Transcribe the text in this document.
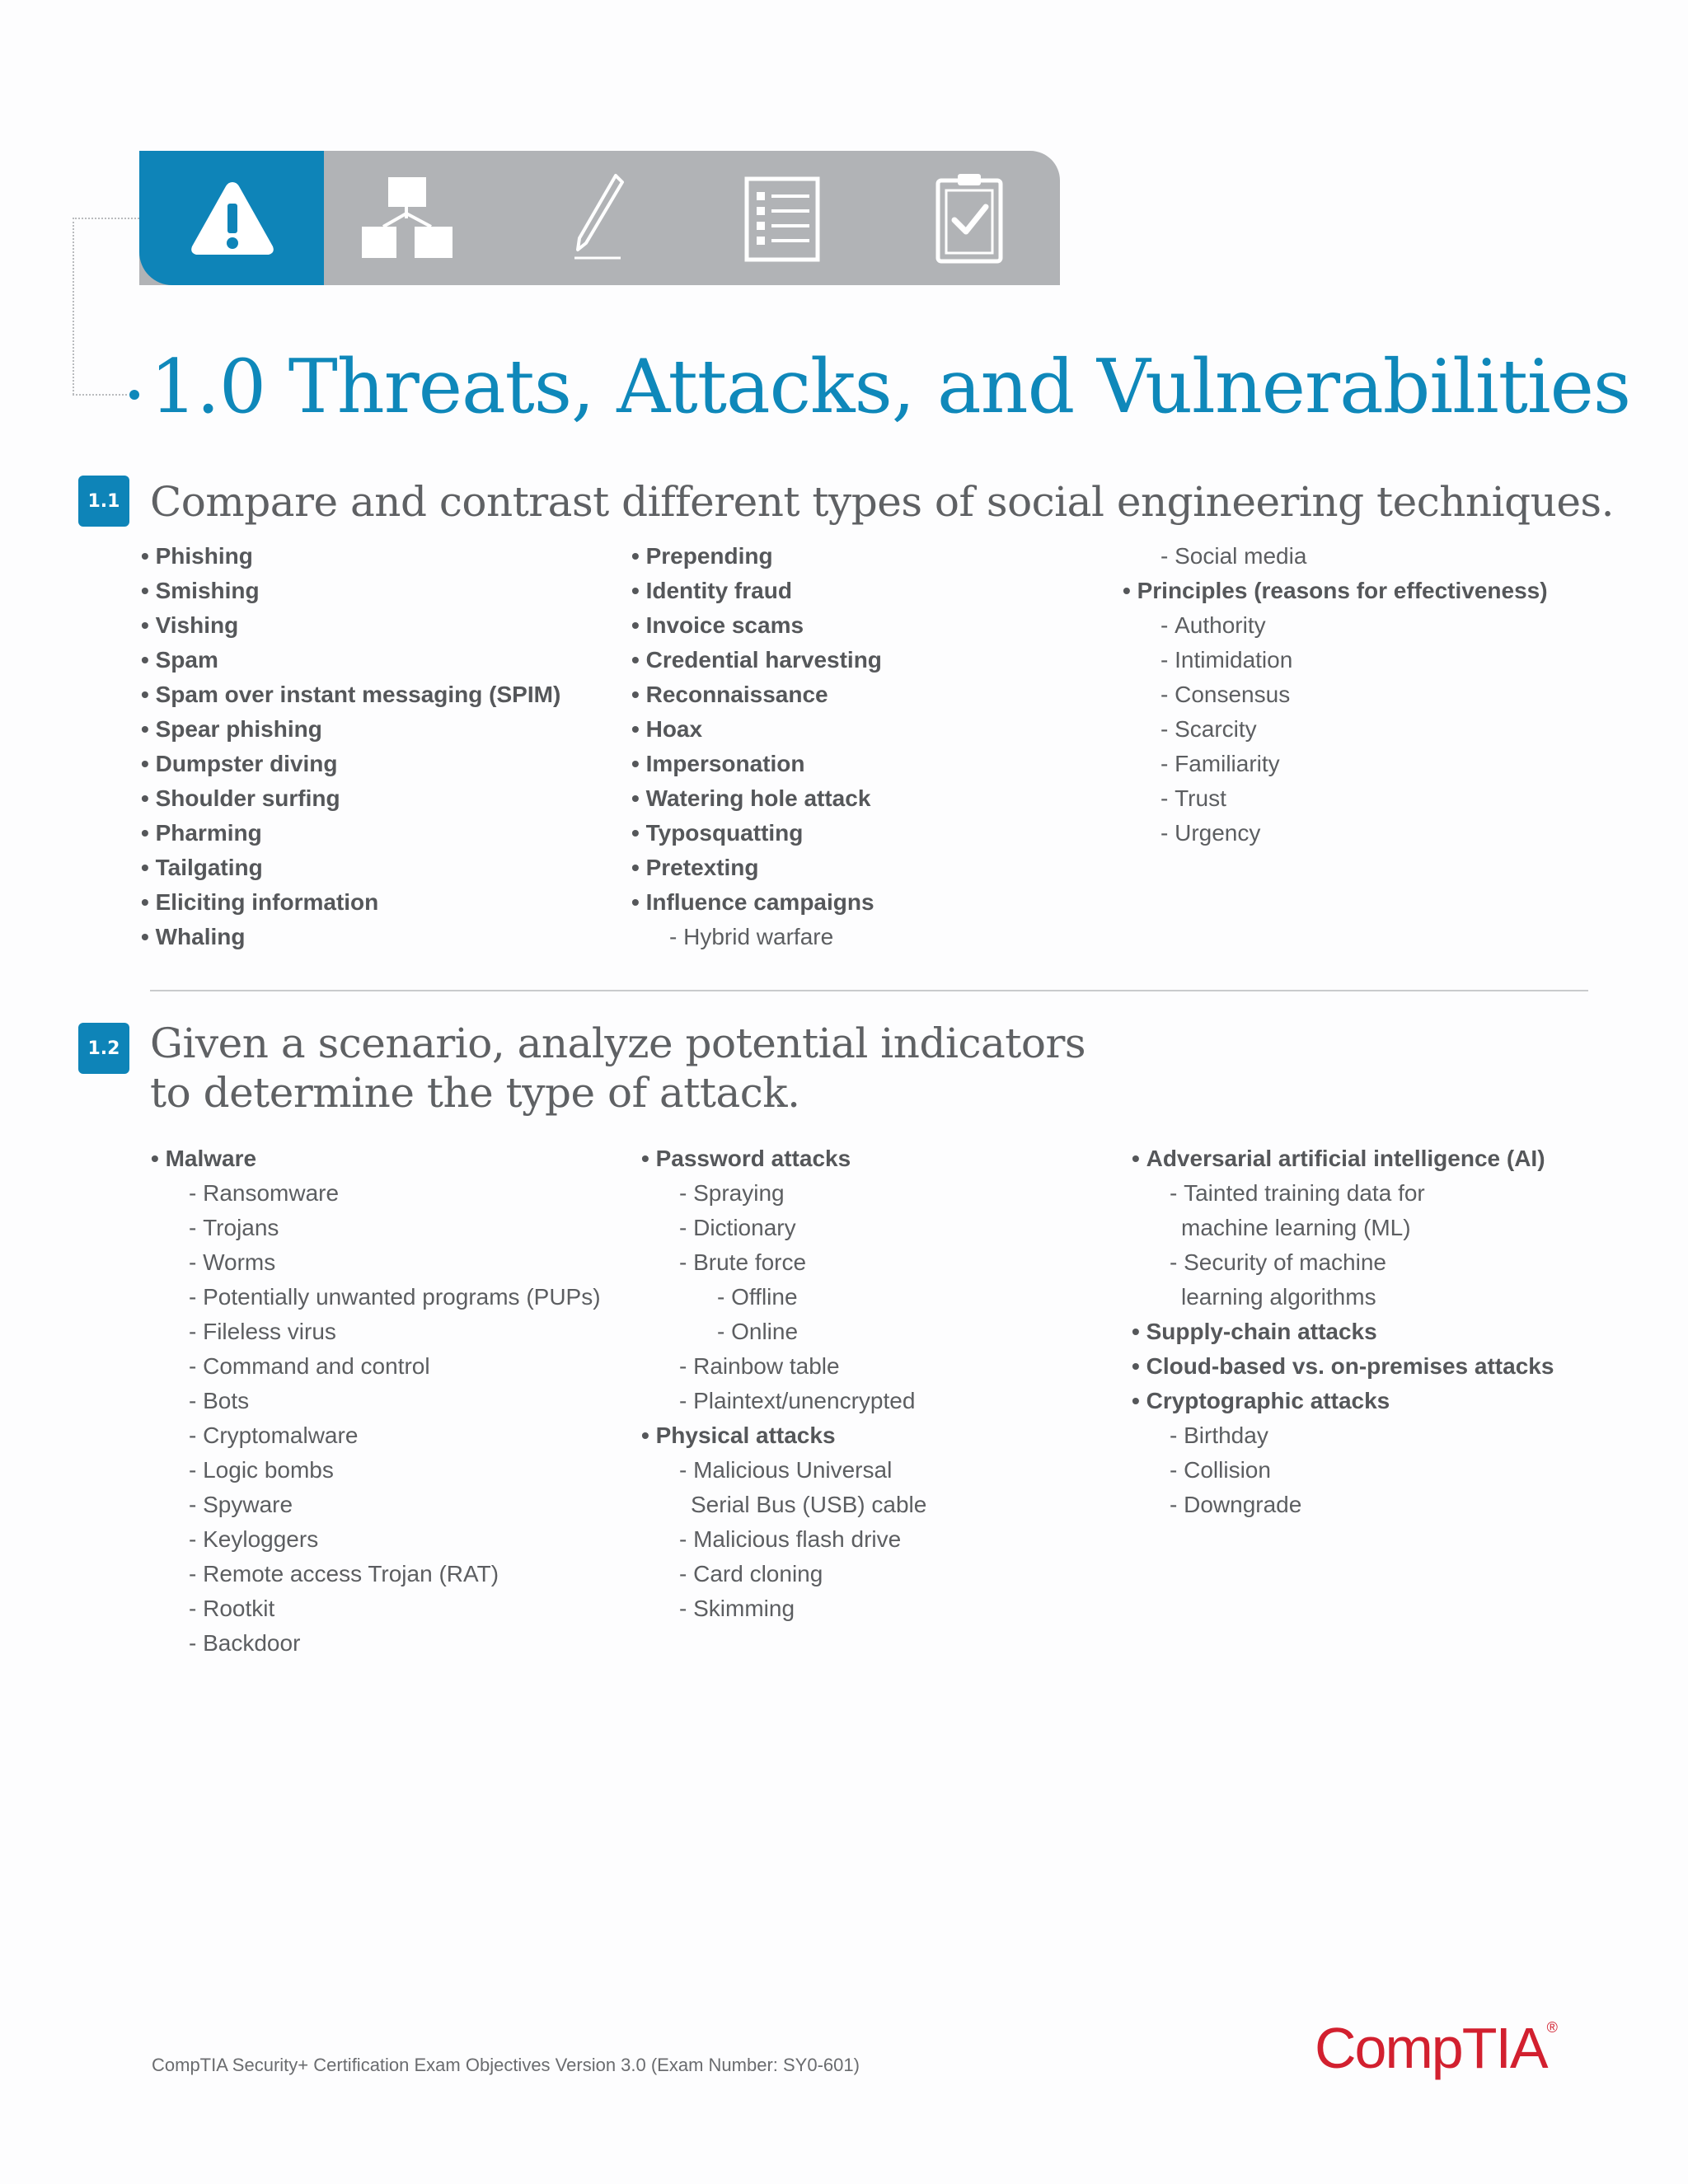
1.0 Threats, Attacks, and Vulnerabilities
1.1 Compare and contrast different types of social engineering techniques.
• Phishing
• Smishing
• Vishing
• Spam
• Spam over instant messaging (SPIM)
• Spear phishing
• Dumpster diving
• Shoulder surfing
• Pharming
• Tailgating
• Eliciting information
• Whaling
• Prepending
• Identity fraud
• Invoice scams
• Credential harvesting
• Reconnaissance
• Hoax
• Impersonation
• Watering hole attack
• Typosquatting
• Pretexting
• Influence campaigns
- Hybrid warfare
- Social media
• Principles (reasons for effectiveness)
- Authority
- Intimidation
- Consensus
- Scarcity
- Familiarity
- Trust
- Urgency
1.2 Given a scenario, analyze potential indicators
to determine the type of attack.
• Malware
- Ransomware
- Trojans
- Worms
- Potentially unwanted programs (PUPs)
- Fileless virus
- Command and control
- Bots
- Cryptomalware
- Logic bombs
- Spyware
- Keyloggers
- Remote access Trojan (RAT)
- Rootkit
- Backdoor
• Password attacks
- Spraying
- Dictionary
- Brute force
- Offline
- Online
- Rainbow table
- Plaintext/unencrypted
• Physical attacks
- Malicious Universal
Serial Bus (USB) cable
- Malicious flash drive
- Card cloning
- Skimming
• Adversarial artificial intelligence (AI)
- Tainted training data for
machine learning (ML)
- Security of machine
learning algorithms
• Supply-chain attacks
• Cloud-based vs. on-premises attacks
• Cryptographic attacks
- Birthday
- Collision
- Downgrade
CompTIA Security+ Certification Exam Objectives Version 3.0 (Exam Number: SY0-601)	CompTIA®
